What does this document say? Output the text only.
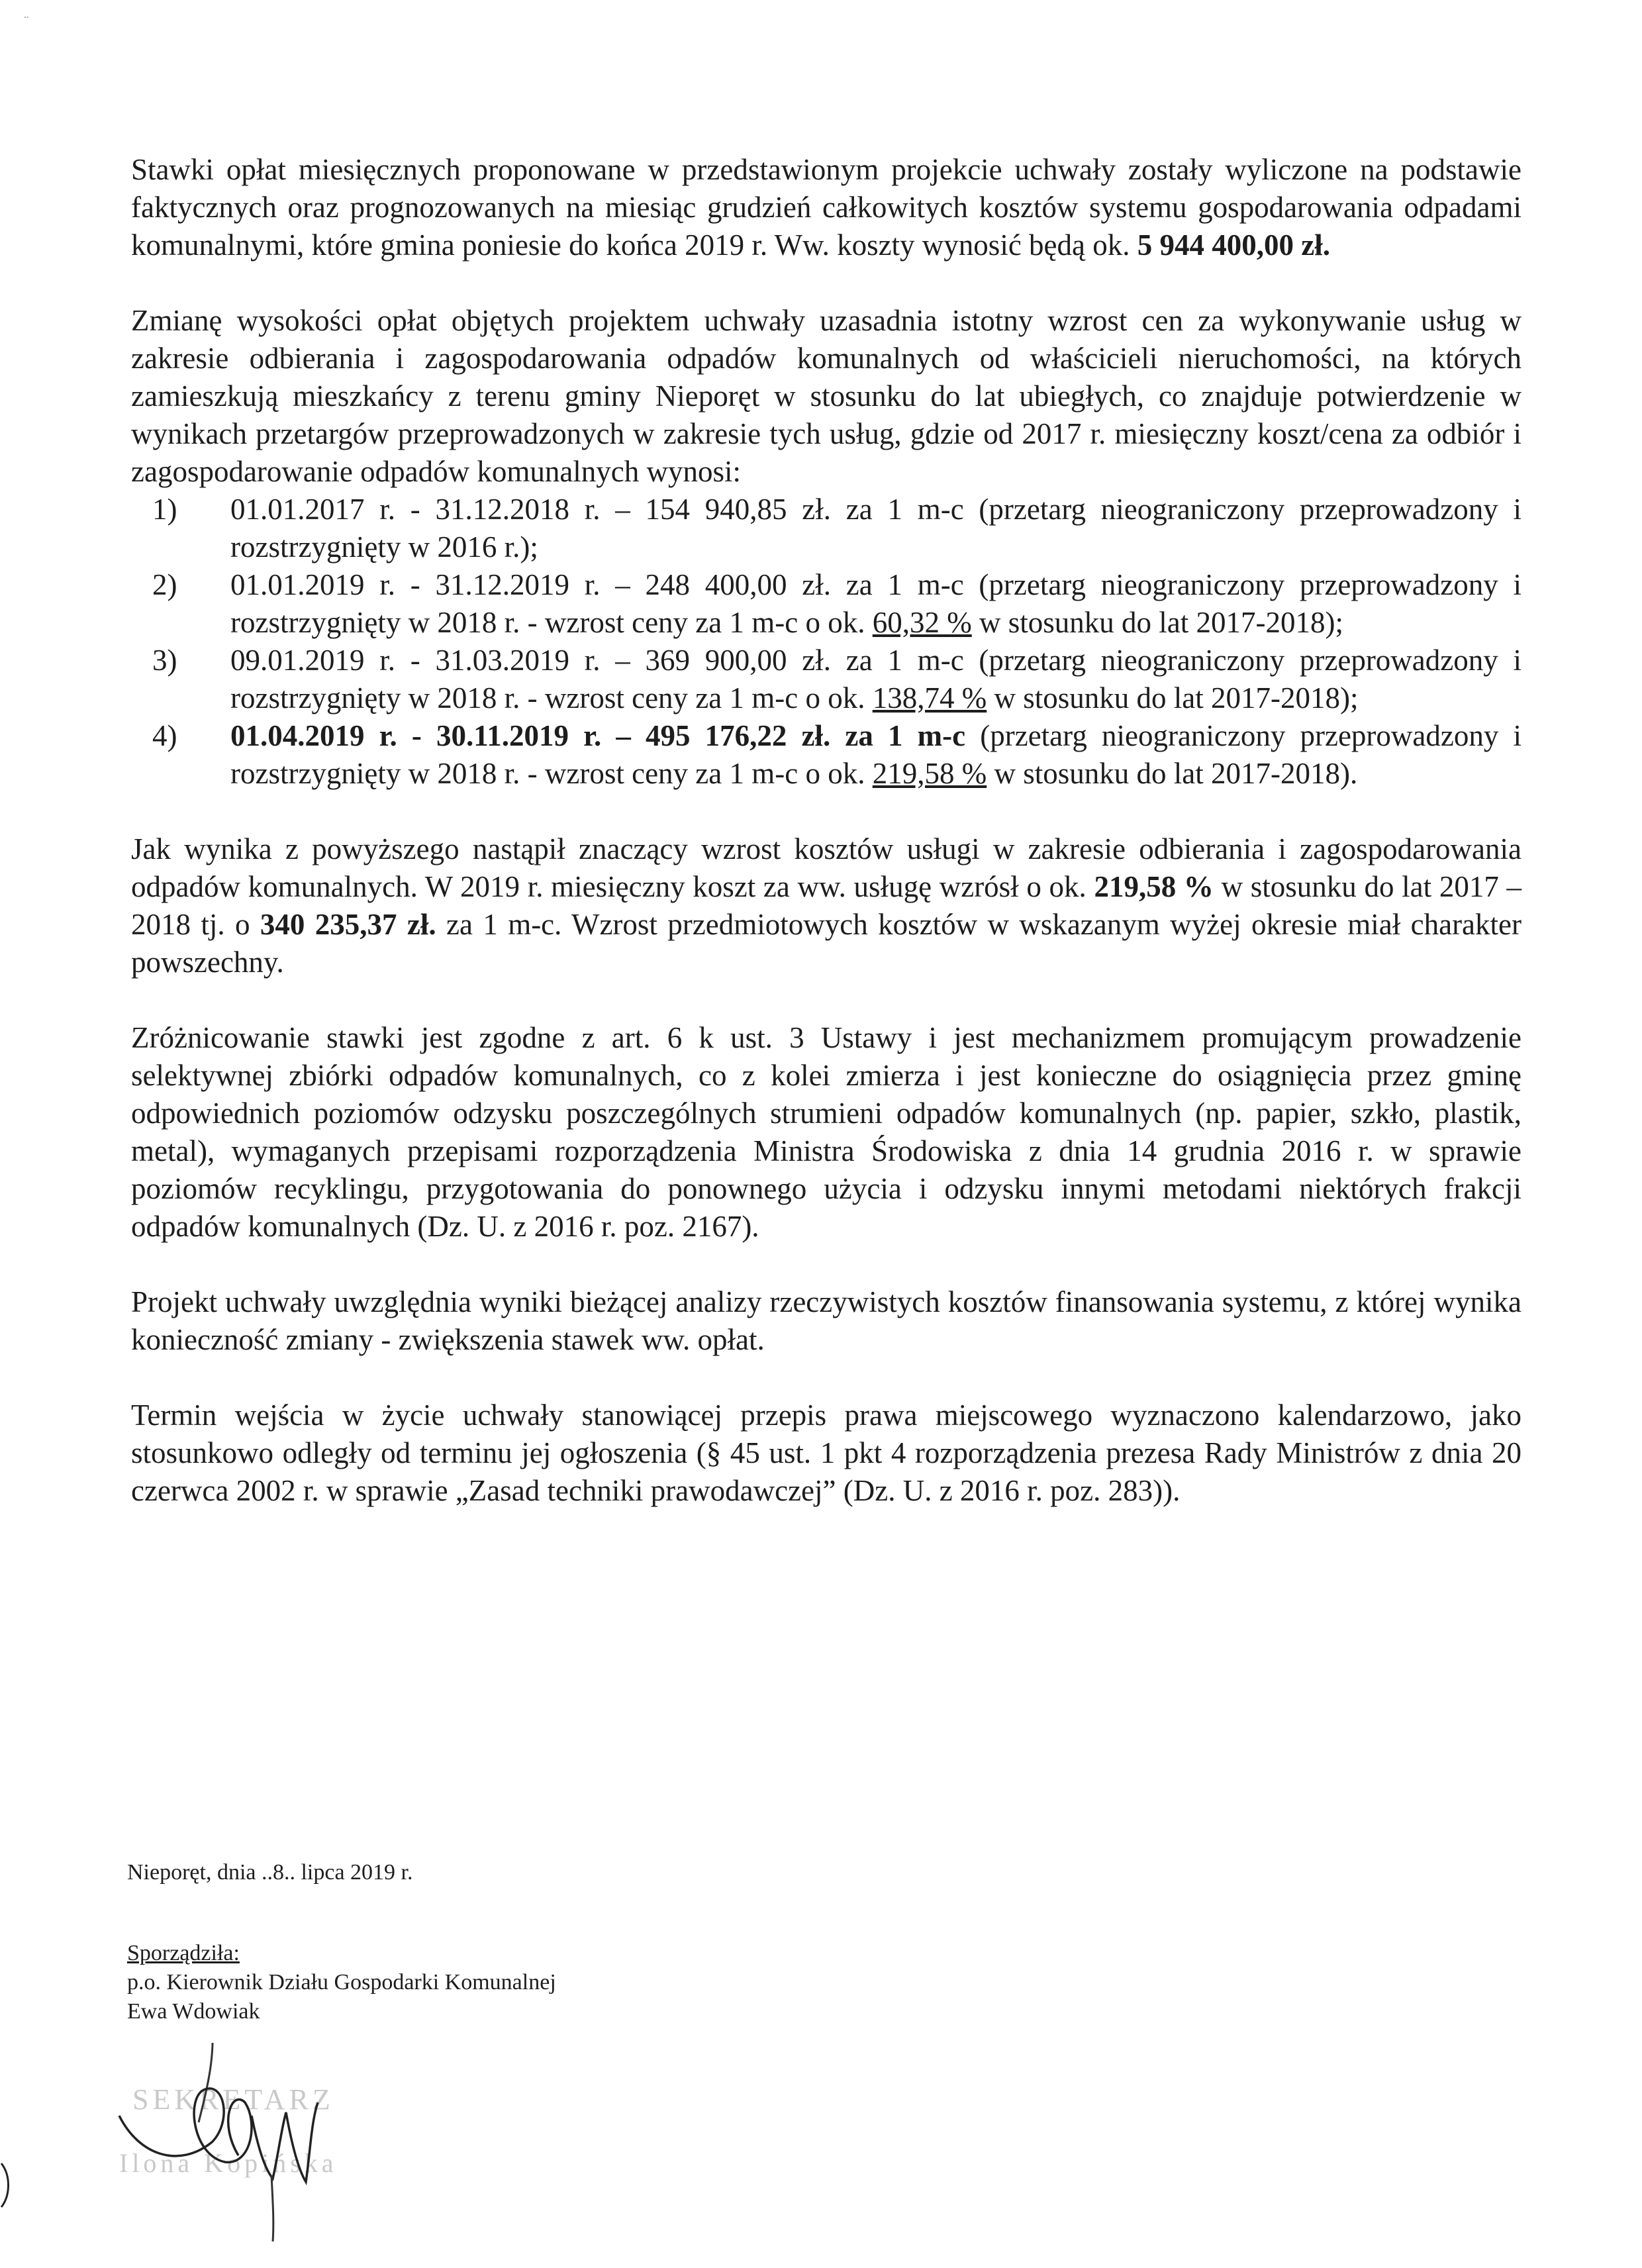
..

Stawki opłat miesięcznych proponowane w przedstawionym projekcie uchwały zostały wyliczone na podstawie faktycznych oraz prognozowanych na miesiąc grudzień całkowitych kosztów systemu gospodarowania odpadami komunalnymi, które gmina poniesie do końca 2019 r. Ww. koszty wynosić będą ok. 5 944 400,00 zł.

Zmianę wysokości opłat objętych projektem uchwały uzasadnia istotny wzrost cen za wykonywanie usług w zakresie odbierania i zagospodarowania odpadów komunalnych od właścicieli nieruchomości, na których zamieszkują mieszkańcy z terenu gminy Nieporęt w stosunku do lat ubiegłych, co znajduje potwierdzenie w wynikach przetargów przeprowadzonych w zakresie tych usług, gdzie od 2017 r. miesięczny koszt/cena za odbiór i zagospodarowanie odpadów komunalnych wynosi:

1) 01.01.2017 r. - 31.12.2018 r. – 154 940,85 zł. za 1 m-c (przetarg nieograniczony przeprowadzony i rozstrzygnięty w 2016 r.);
2) 01.01.2019 r. - 31.12.2019 r. – 248 400,00 zł. za 1 m-c (przetarg nieograniczony przeprowadzony i rozstrzygnięty w 2018 r. - wzrost ceny za 1 m-c o ok. 60,32 % w stosunku do lat 2017-2018);
3) 09.01.2019 r. - 31.03.2019 r. – 369 900,00 zł. za 1 m-c (przetarg nieograniczony przeprowadzony i rozstrzygnięty w 2018 r. - wzrost ceny za 1 m-c o ok. 138,74 % w stosunku do lat 2017-2018);
4) 01.04.2019 r. - 30.11.2019 r. – 495 176,22 zł. za 1 m-c (przetarg nieograniczony przeprowadzony i rozstrzygnięty w 2018 r. - wzrost ceny za 1 m-c o ok. 219,58 % w stosunku do lat 2017-2018).

Jak wynika z powyższego nastąpił znaczący wzrost kosztów usługi w zakresie odbierania i zagospodarowania odpadów komunalnych. W 2019 r. miesięczny koszt za ww. usługę wzrósł o ok. 219,58 % w stosunku do lat 2017 – 2018 tj. o 340 235,37 zł. za 1 m-c. Wzrost przedmiotowych kosztów w wskazanym wyżej okresie miał charakter powszechny.

Zróżnicowanie stawki jest zgodne z art. 6 k ust. 3 Ustawy i jest mechanizmem promującym prowadzenie selektywnej zbiórki odpadów komunalnych, co z kolei zmierza i jest konieczne do osiągnięcia przez gminę odpowiednich poziomów odzysku poszczególnych strumieni odpadów komunalnych (np. papier, szkło, plastik, metal), wymaganych przepisami rozporządzenia Ministra Środowiska z dnia 14 grudnia 2016 r. w sprawie poziomów recyklingu, przygotowania do ponownego użycia i odzysku innymi metodami niektórych frakcji odpadów komunalnych (Dz. U. z 2016 r. poz. 2167).

Projekt uchwały uwzględnia wyniki bieżącej analizy rzeczywistych kosztów finansowania systemu, z której wynika konieczność zmiany - zwiększenia stawek ww. opłat.

Termin wejścia w życie uchwały stanowiącej przepis prawa miejscowego wyznaczono kalendarzowo, jako stosunkowo odległy od terminu jej ogłoszenia (§ 45 ust. 1 pkt 4 rozporządzenia prezesa Rady Ministrów z dnia 20 czerwca 2002 r. w sprawie „Zasad techniki prawodawczej” (Dz. U. z 2016 r. poz. 283)).

Nieporęt, dnia ..8.. lipca 2019 r.
Sporządziła:
p.o. Kierownik Działu Gospodarki Komunalnej
Ewa Wdowiak
SEKRETARZ
Ilona Kopińska
